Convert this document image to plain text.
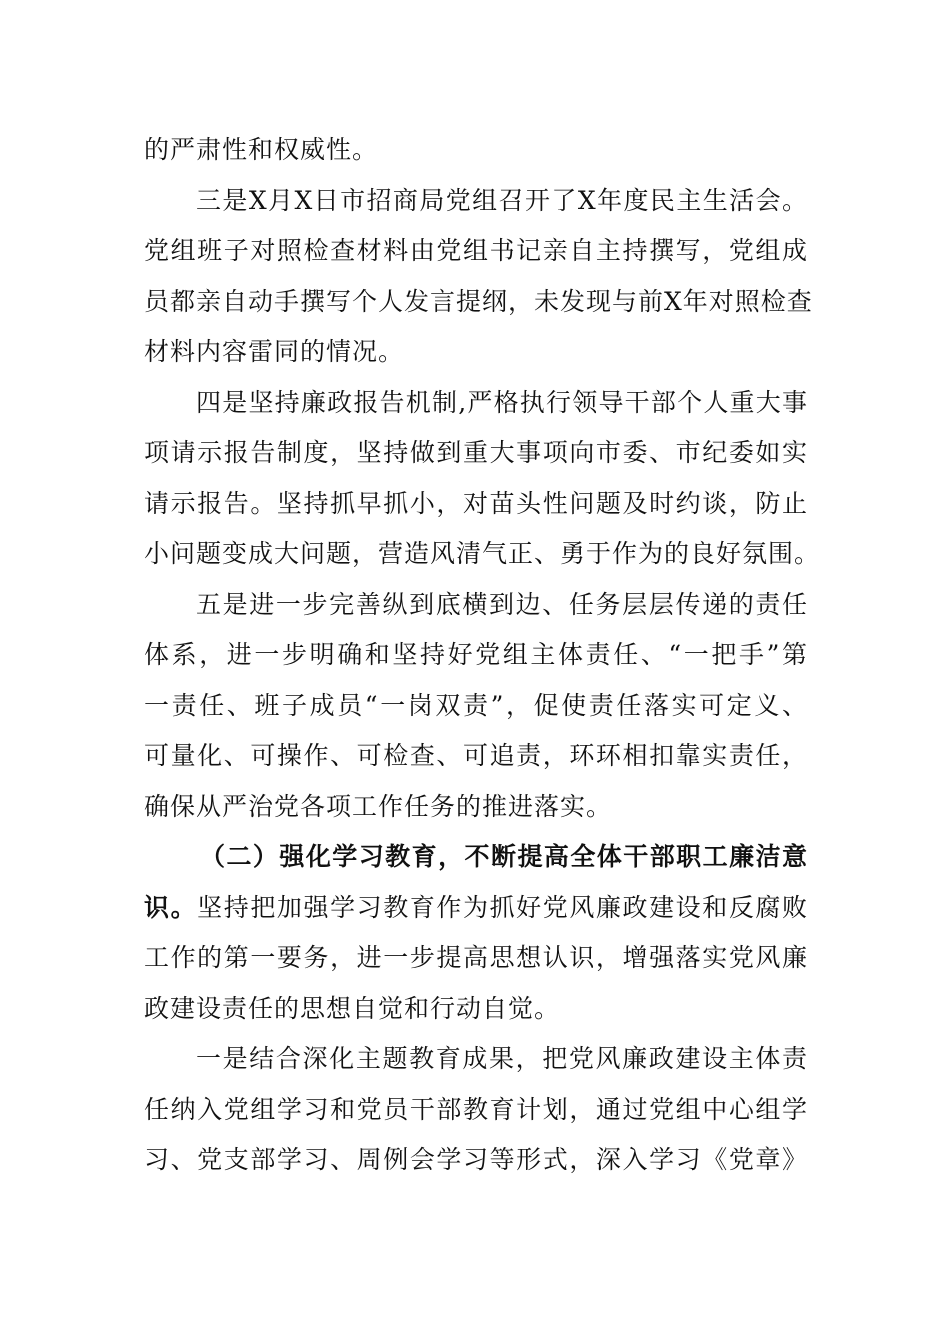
的严肃性和权威性。
三是X月X日市招商局党组召开了X年度民主生活会。
党组班子对照检查材料由党组书记亲自主持撰写，党组成
员都亲自动手撰写个人发言提纲，未发现与前X年对照检查
材料内容雷同的情况。
四是坚持廉政报告机制,严格执行领导干部个人重大事
项请示报告制度，坚持做到重大事项向市委、市纪委如实
请示报告。坚持抓早抓小，对苗头性问题及时约谈，防止
小问题变成大问题，营造风清气正、勇于作为的良好氛围。
五是进一步完善纵到底横到边、任务层层传递的责任
体系，进一步明确和坚持好党组主体责任、“一把手”第
一责任、班子成员“一岗双责”，促使责任落实可定义、
可量化、可操作、可检查、可追责，环环相扣靠实责任，
确保从严治党各项工作任务的推进落实。
（二）强化学习教育，不断提高全体干部职工廉洁意
识。坚持把加强学习教育作为抓好党风廉政建设和反腐败
工作的第一要务，进一步提高思想认识，增强落实党风廉
政建设责任的思想自觉和行动自觉。
一是结合深化主题教育成果，把党风廉政建设主体责
任纳入党组学习和党员干部教育计划，通过党组中心组学
习、党支部学习、周例会学习等形式，深入学习《党章》
